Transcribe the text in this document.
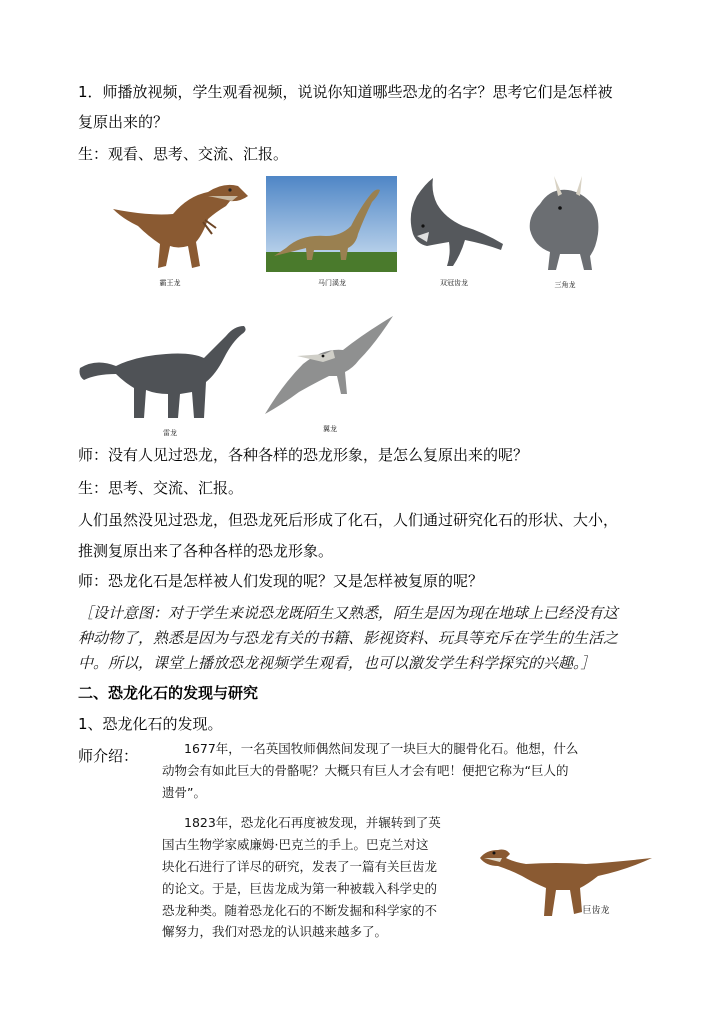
1．师播放视频，学生观看视频，说说你知道哪些恐龙的名字？思考它们是怎样被
复原出来的？
生：观看、思考、交流、汇报。
霸王龙	马门溪龙	双冠齿龙	三角龙
雷龙	翼龙
师：没有人见过恐龙，各种各样的恐龙形象，是怎么复原出来的呢？
生：思考、交流、汇报。
人们虽然没见过恐龙，但恐龙死后形成了化石，人们通过研究化石的形状、大小，
推测复原出来了各种各样的恐龙形象。
师：恐龙化石是怎样被人们发现的呢？又是怎样被复原的呢？
［设计意图：对于学生来说恐龙既陌生又熟悉，陌生是因为现在地球上已经没有这
种动物了，熟悉是因为与恐龙有关的书籍、影视资料、玩具等充斥在学生的生活之
中。所以，课堂上播放恐龙视频学生观看，也可以激发学生科学探究的兴趣。］
二、恐龙化石的发现与研究
1、恐龙化石的发现。
师介绍：	1677年，一名英国牧师偶然间发现了一块巨大的腿骨化石。他想，什么
动物会有如此巨大的骨骼呢？大概只有巨人才会有吧！便把它称为“巨人的
遗骨”。
1823年，恐龙化石再度被发现，并辗转到了英
国古生物学家威廉姆·巴克兰的手上。巴克兰对这
块化石进行了详尽的研究，发表了一篇有关巨齿龙
的论文。于是，巨齿龙成为第一种被载入科学史的
恐龙种类。随着恐龙化石的不断发掘和科学家的不
懈努力，我们对恐龙的认识越来越多了。
巨齿龙
